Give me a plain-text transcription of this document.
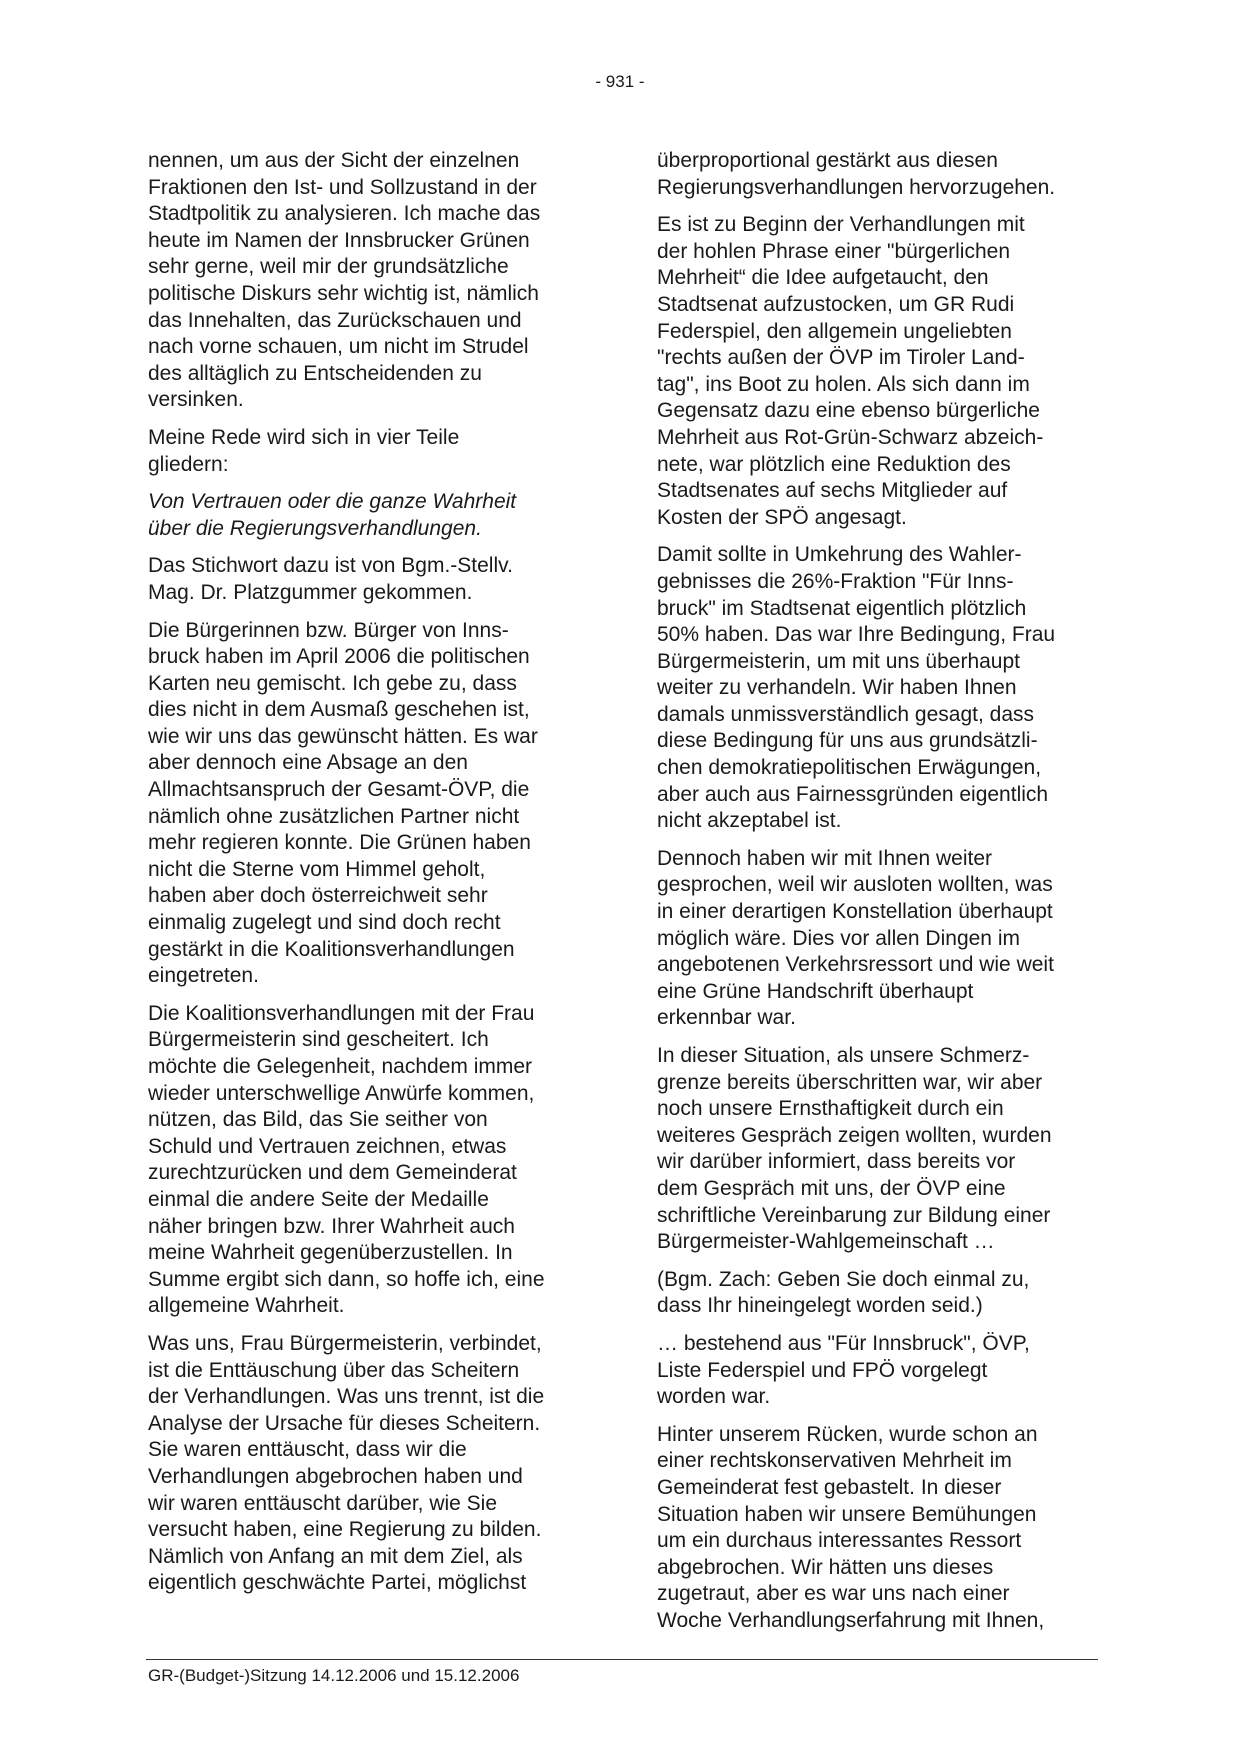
- 931 -

nennen, um aus der Sicht der einzelnen
Fraktionen den Ist- und Sollzustand in der
Stadtpolitik zu analysieren. Ich mache das
heute im Namen der Innsbrucker Grünen
sehr gerne, weil mir der grundsätzliche
politische Diskurs sehr wichtig ist, nämlich
das Innehalten, das Zurückschauen und
nach vorne schauen, um nicht im Strudel
des alltäglich zu Entscheidenden zu
versinken.

Meine Rede wird sich in vier Teile
gliedern:

Von Vertrauen oder die ganze Wahrheit
über die Regierungsverhandlungen.

Das Stichwort dazu ist von Bgm.-Stellv.
Mag. Dr. Platzgummer gekommen.

Die Bürgerinnen bzw. Bürger von Inns-
bruck haben im April 2006 die politischen
Karten neu gemischt. Ich gebe zu, dass
dies nicht in dem Ausmaß geschehen ist,
wie wir uns das gewünscht hätten. Es war
aber dennoch eine Absage an den
Allmachtsanspruch der Gesamt-ÖVP, die
nämlich ohne zusätzlichen Partner nicht
mehr regieren konnte. Die Grünen haben
nicht die Sterne vom Himmel geholt,
haben aber doch österreichweit sehr
einmalig zugelegt und sind doch recht
gestärkt in die Koalitionsverhandlungen
eingetreten.

Die Koalitionsverhandlungen mit der Frau
Bürgermeisterin sind gescheitert. Ich
möchte die Gelegenheit, nachdem immer
wieder unterschwellige Anwürfe kommen,
nützen, das Bild, das Sie seither von
Schuld und Vertrauen zeichnen, etwas
zurechtzurücken und dem Gemeinderat
einmal die andere Seite der Medaille
näher bringen bzw. Ihrer Wahrheit auch
meine Wahrheit gegenüberzustellen. In
Summe ergibt sich dann, so hoffe ich, eine
allgemeine Wahrheit.

Was uns, Frau Bürgermeisterin, verbindet,
ist die Enttäuschung über das Scheitern
der Verhandlungen. Was uns trennt, ist die
Analyse der Ursache für dieses Scheitern.
Sie waren enttäuscht, dass wir die
Verhandlungen abgebrochen haben und
wir waren enttäuscht darüber, wie Sie
versucht haben, eine Regierung zu bilden.
Nämlich von Anfang an mit dem Ziel, als
eigentlich geschwächte Partei, möglichst

überproportional gestärkt aus diesen
Regierungsverhandlungen hervorzugehen.

Es ist zu Beginn der Verhandlungen mit
der hohlen Phrase einer "bürgerlichen
Mehrheit“ die Idee aufgetaucht, den
Stadtsenat aufzustocken, um GR Rudi
Federspiel, den allgemein ungeliebten
"rechts außen der ÖVP im Tiroler Land-
tag", ins Boot zu holen. Als sich dann im
Gegensatz dazu eine ebenso bürgerliche
Mehrheit aus Rot-Grün-Schwarz abzeich-
nete, war plötzlich eine Reduktion des
Stadtsenates auf sechs Mitglieder auf
Kosten der SPÖ angesagt.

Damit sollte in Umkehrung des Wahler-
gebnisses die 26%-Fraktion "Für Inns-
bruck" im Stadtsenat eigentlich plötzlich
50% haben. Das war Ihre Bedingung, Frau
Bürgermeisterin, um mit uns überhaupt
weiter zu verhandeln. Wir haben Ihnen
damals unmissverständlich gesagt, dass
diese Bedingung für uns aus grundsätzli-
chen demokratiepolitischen Erwägungen,
aber auch aus Fairnessgründen eigentlich
nicht akzeptabel ist.

Dennoch haben wir mit Ihnen weiter
gesprochen, weil wir ausloten wollten, was
in einer derartigen Konstellation überhaupt
möglich wäre. Dies vor allen Dingen im
angebotenen Verkehrsressort und wie weit
eine Grüne Handschrift überhaupt
erkennbar war.

In dieser Situation, als unsere Schmerz-
grenze bereits überschritten war, wir aber
noch unsere Ernsthaftigkeit durch ein
weiteres Gespräch zeigen wollten, wurden
wir darüber informiert, dass bereits vor
dem Gespräch mit uns, der ÖVP eine
schriftliche Vereinbarung zur Bildung einer
Bürgermeister-Wahlgemeinschaft …

(Bgm. Zach: Geben Sie doch einmal zu,
dass Ihr hineingelegt worden seid.)

… bestehend aus "Für Innsbruck", ÖVP,
Liste Federspiel und FPÖ vorgelegt
worden war.

Hinter unserem Rücken, wurde schon an
einer rechtskonservativen Mehrheit im
Gemeinderat fest gebastelt. In dieser
Situation haben wir unsere Bemühungen
um ein durchaus interessantes Ressort
abgebrochen. Wir hätten uns dieses
zugetraut, aber es war uns nach einer
Woche Verhandlungserfahrung mit Ihnen,

GR-(Budget-)Sitzung 14.12.2006 und 15.12.2006
